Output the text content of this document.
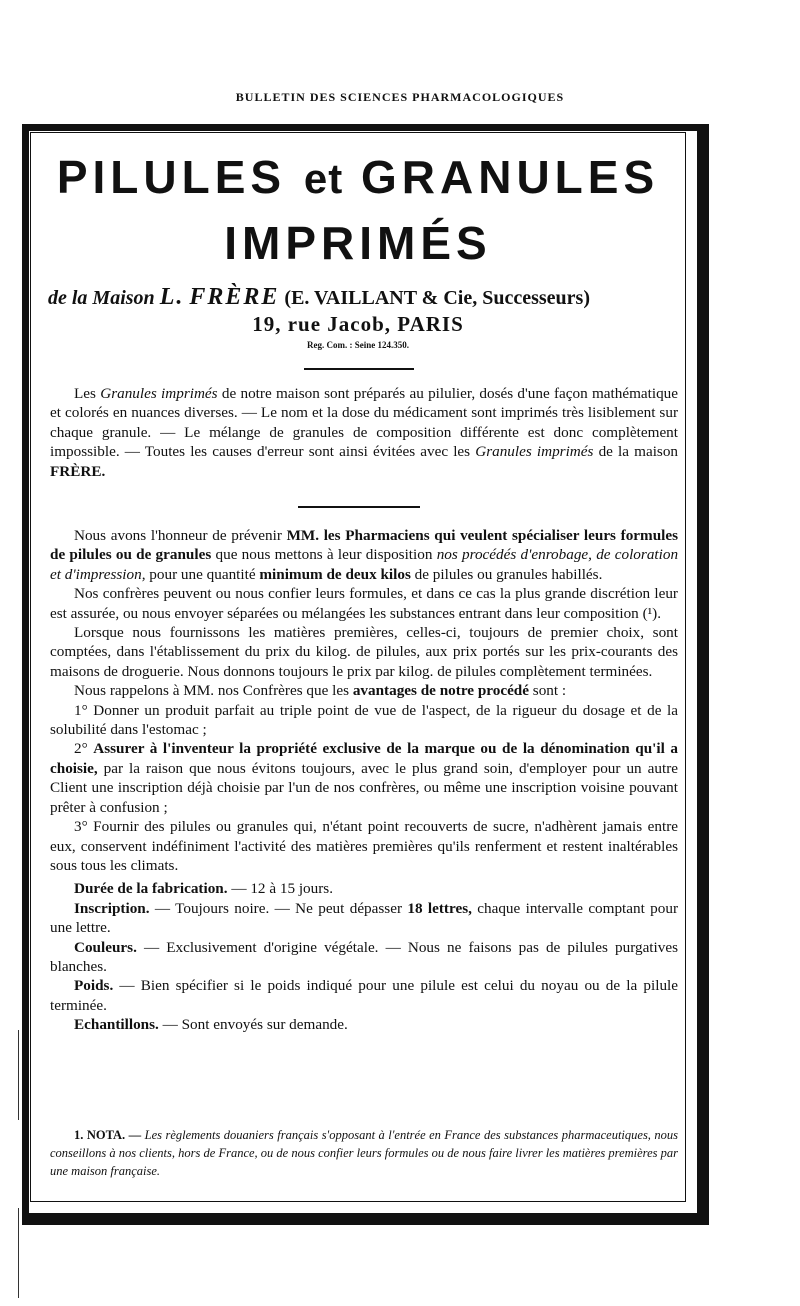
BULLETIN DES SCIENCES PHARMACOLOGIQUES
PILULES et GRANULES
IMPRIMÉS
de la Maison L. FRÈRE (E. VAILLANT & Cie, Successeurs)
19, rue Jacob, PARIS
Reg. Com. : Seine 124.350.

Les Granules imprimés de notre maison sont préparés au pilulier, dosés d'une façon mathématique et colorés en nuances diverses. — Le nom et la dose du médicament sont imprimés très lisiblement sur chaque granule. — Le mélange de granules de composition différente est donc complètement impossible. — Toutes les causes d'erreur sont ainsi évitées avec les Granules imprimés de la maison FRÈRE.

Nous avons l'honneur de prévenir MM. les Pharmaciens qui veulent spécialiser leurs formules de pilules ou de granules que nous mettons à leur disposition nos procédés d'enrobage, de coloration et d'impression, pour une quantité minimum de deux kilos de pilules ou granules habillés.

Nos confrères peuvent ou nous confier leurs formules, et dans ce cas la plus grande discrétion leur est assurée, ou nous envoyer séparées ou mélangées les substances entrant dans leur composition (¹).

Lorsque nous fournissons les matières premières, celles-ci, toujours de premier choix, sont comptées, dans l'établissement du prix du kilog. de pilules, aux prix portés sur les prix-courants des maisons de droguerie. Nous donnons toujours le prix par kilog. de pilules complètement terminées.

Nous rappelons à MM. nos Confrères que les avantages de notre procédé sont :

1° Donner un produit parfait au triple point de vue de l'aspect, de la rigueur du dosage et de la solubilité dans l'estomac ;

2° Assurer à l'inventeur la propriété exclusive de la marque ou de la dénomination qu'il a choisie, par la raison que nous évitons toujours, avec le plus grand soin, d'employer pour un autre Client une inscription déjà choisie par l'un de nos confrères, ou même une inscription voisine pouvant prêter à confusion ;

3° Fournir des pilules ou granules qui, n'étant point recouverts de sucre, n'adhèrent jamais entre eux, conservent indéfiniment l'activité des matières premières qu'ils renferment et restent inaltérables sous tous les climats.

Durée de la fabrication. — 12 à 15 jours.

Inscription. — Toujours noire. — Ne peut dépasser 18 lettres, chaque intervalle comptant pour une lettre.

Couleurs. — Exclusivement d'origine végétale. — Nous ne faisons pas de pilules purgatives blanches.

Poids. — Bien spécifier si le poids indiqué pour une pilule est celui du noyau ou de la pilule terminée.

Echantillons. — Sont envoyés sur demande.

1. NOTA. — Les règlements douaniers français s'opposant à l'entrée en France des substances pharmaceutiques, nous conseillons à nos clients, hors de France, ou de nous confier leurs formules ou de nous faire livrer les matières premières par une maison française.
